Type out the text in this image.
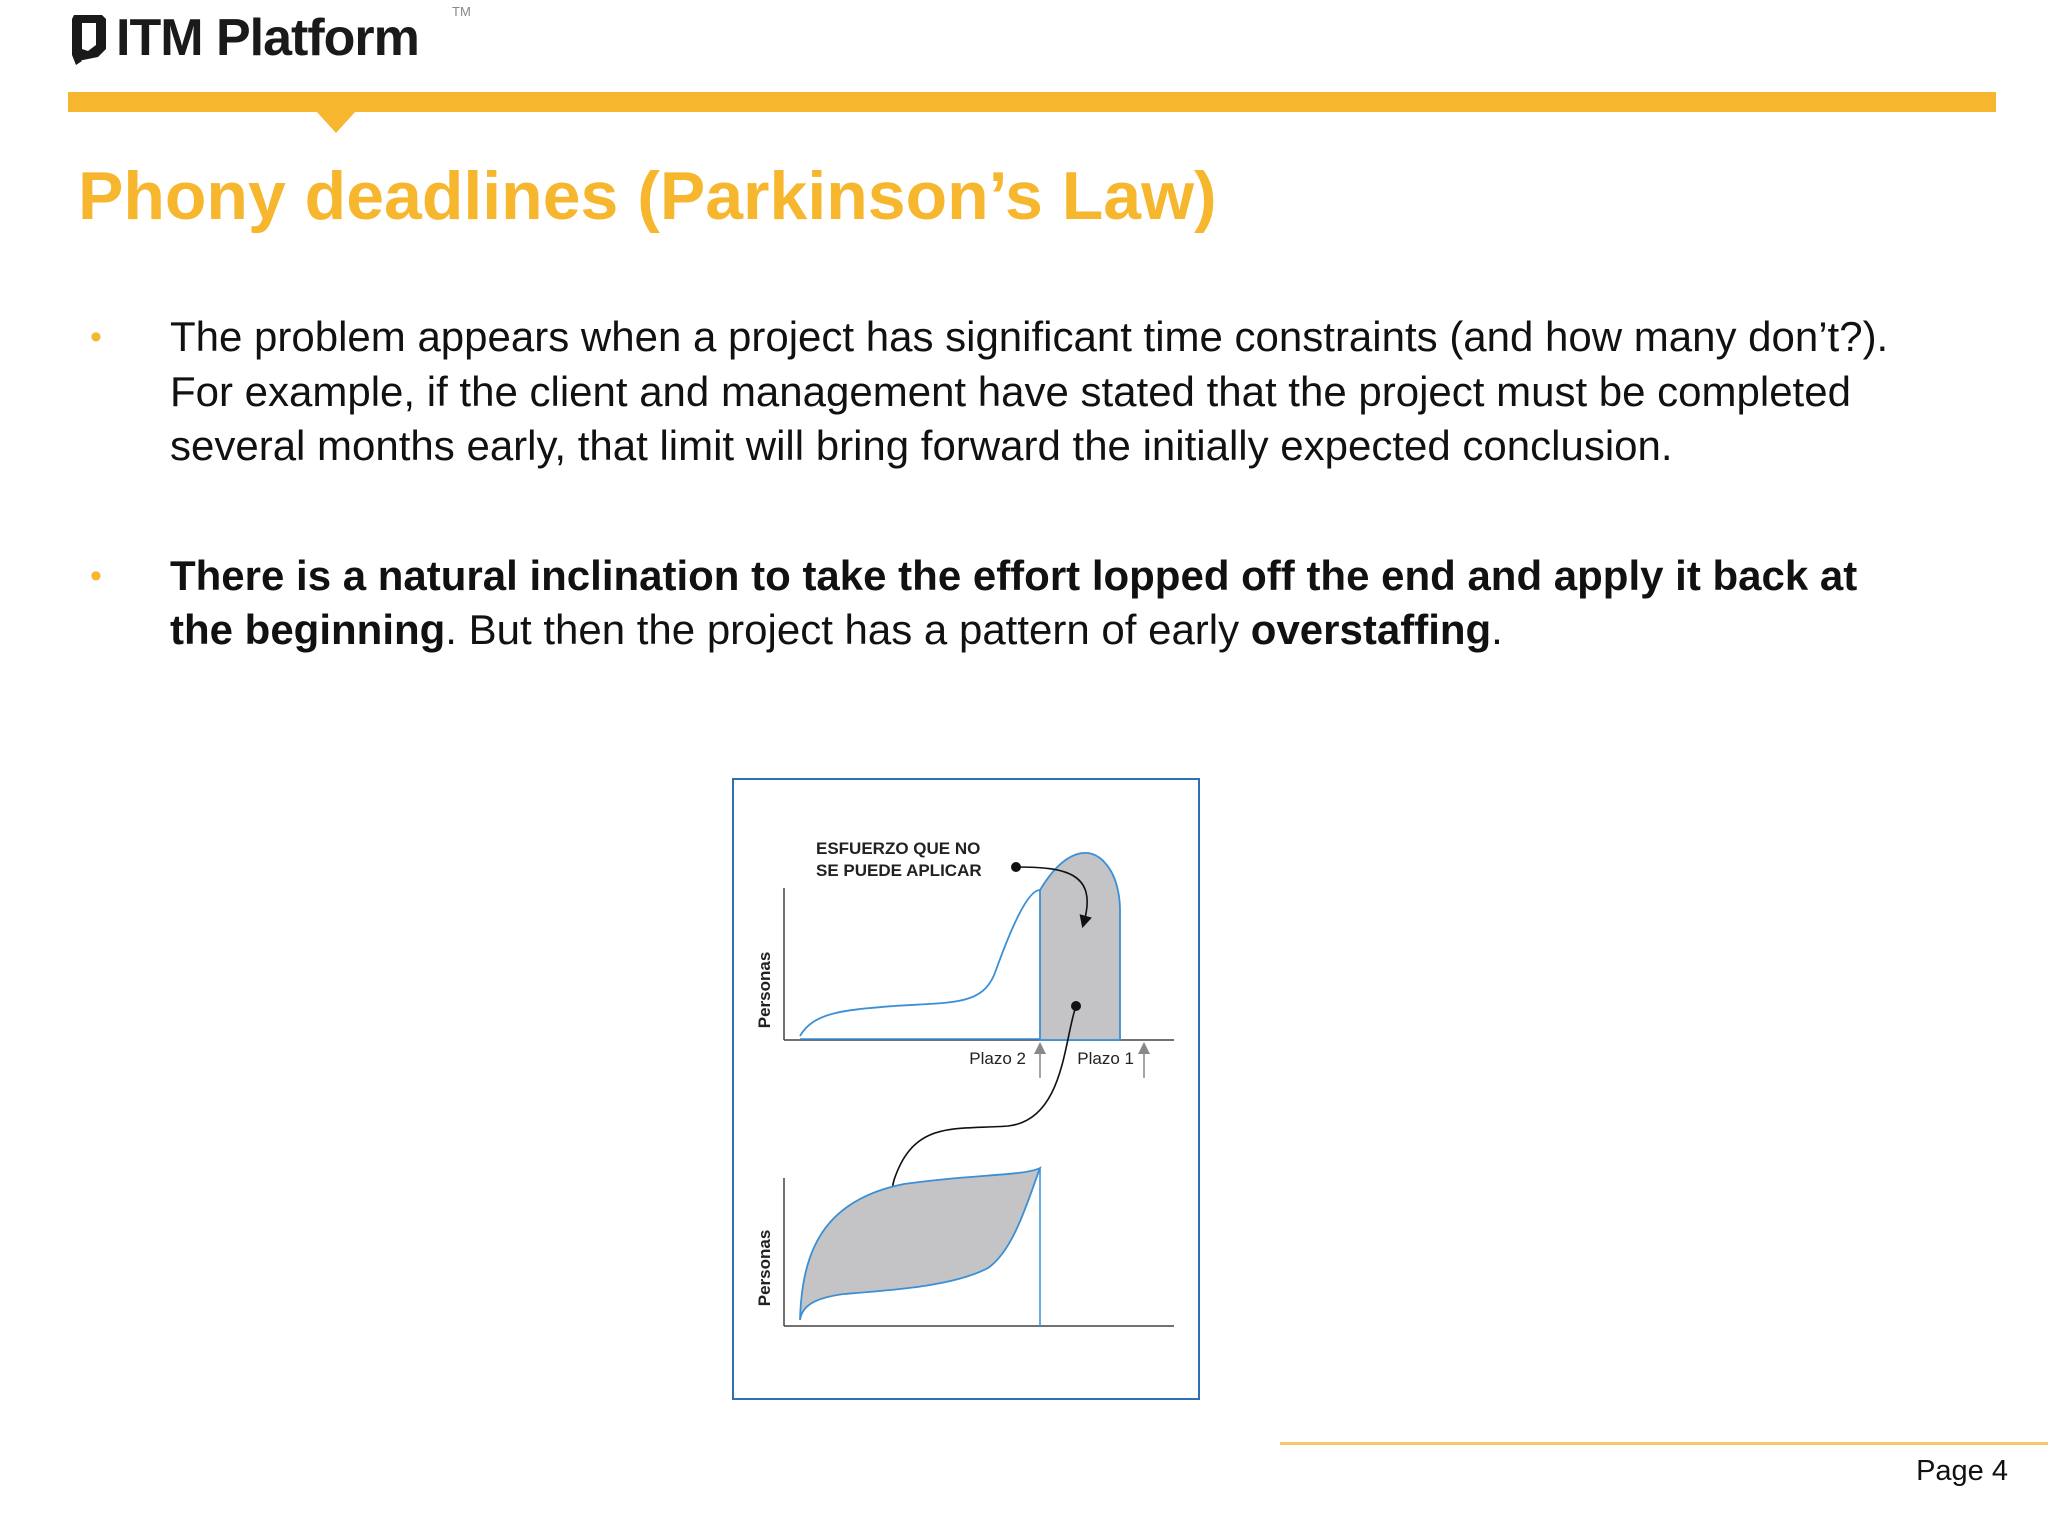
ITM Platform	TM
Phony deadlines (Parkinson’s Law)
• The problem appears when a project has significant time constraints (and how many don’t?). For example, if the client and management have stated that the project must be completed several months early, that limit will bring forward the initially expected conclusion.
• There is a natural inclination to take the effort lopped off the end and apply it back at the beginning. But then the project has a pattern of early overstaffing.
Plazo 2	Plazo 1
Personas
ESFUERZO QUE NO
SE PUEDE APLICAR
Personas
Page 4
